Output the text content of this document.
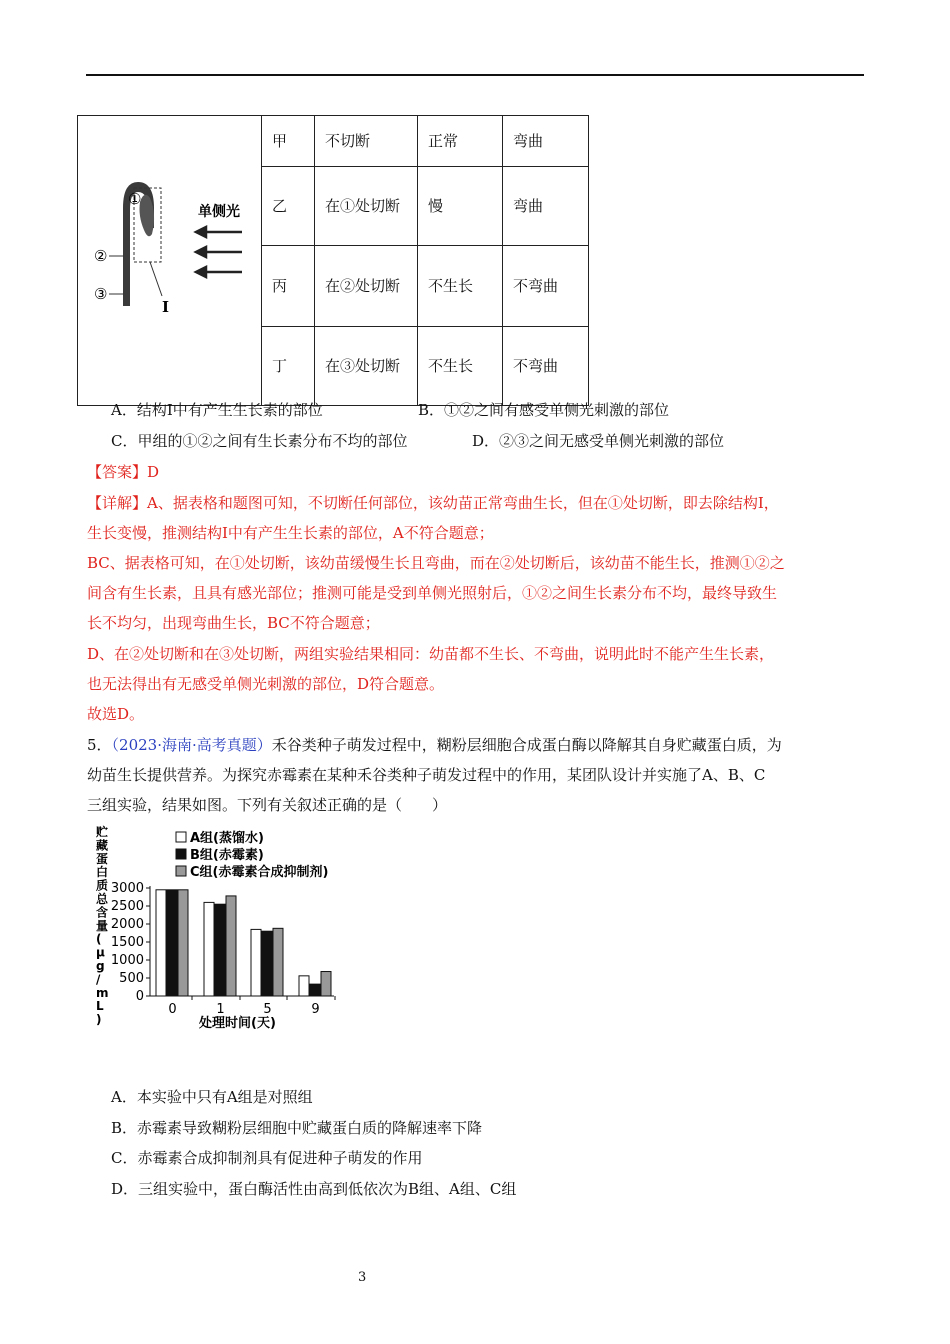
I
①
②
③
单侧光	甲	不切断	正常	弯曲
	乙	在①处切断	慢	弯曲
	丙	在②处切断	不生长	不弯曲
	丁	在③处切断	不生长	不弯曲
A．结构Ⅰ中有产生生长素的部位	B．①②之间有感受单侧光刺激的部位
C．甲组的①②之间有生长素分布不均的部位	D．②③之间无感受单侧光刺激的部位
【答案】D
【详解】A、据表格和题图可知，不切断任何部位，该幼苗正常弯曲生长，但在①处切断，即去除结构Ⅰ，
生长变慢，推测结构Ⅰ中有产生生长素的部位，A不符合题意；
BC、据表格可知，在①处切断，该幼苗缓慢生长且弯曲，而在②处切断后，该幼苗不能生长，推测①②之
间含有生长素，且具有感光部位；推测可能是受到单侧光照射后，①②之间生长素分布不均，最终导致生
长不均匀，出现弯曲生长，BC不符合题意；
D、在②处切断和在③处切断，两组实验结果相同：幼苗都不生长、不弯曲，说明此时不能产生生长素，
也无法得出有无感受单侧光刺激的部位，D符合题意。
故选D。
5．（2023·海南·高考真题）禾谷类种子萌发过程中，糊粉层细胞合成蛋白酶以降解其自身贮藏蛋白质，为
幼苗生长提供营养。为探究赤霉素在某种禾谷类种子萌发过程中的作用，某团队设计并实施了A、B、C
三组实验，结果如图。下列有关叙述正确的是（　　）
贮藏蛋白质总含量( μ g / m L )
A组(蒸馏水)
B组(赤霉素)
C组(赤霉素合成抑制剂)
0
500
1000
1500
2000
2500
3000
0	1	5	9
处理时间(天)
A．本实验中只有A组是对照组
B．赤霉素导致糊粉层细胞中贮藏蛋白质的降解速率下降
C．赤霉素合成抑制剂具有促进种子萌发的作用
D．三组实验中，蛋白酶活性由高到低依次为B组、A组、C组
3
